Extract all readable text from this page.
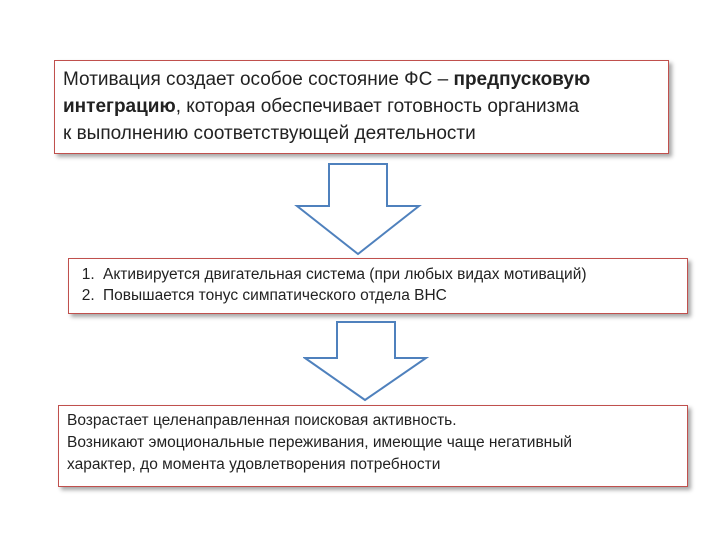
Мотивация создает особое состояние ФС – предпусковую
интеграцию, которая обеспечивает готовность организма
к выполнению соответствующей деятельности
1. Активируется двигательная система (при любых видах мотиваций)
2. Повышается тонус симпатического отдела ВНС
Возрастает целенаправленная поисковая активность.
Возникают эмоциональные переживания, имеющие чаще негативный
характер, до момента удовлетворения потребности
